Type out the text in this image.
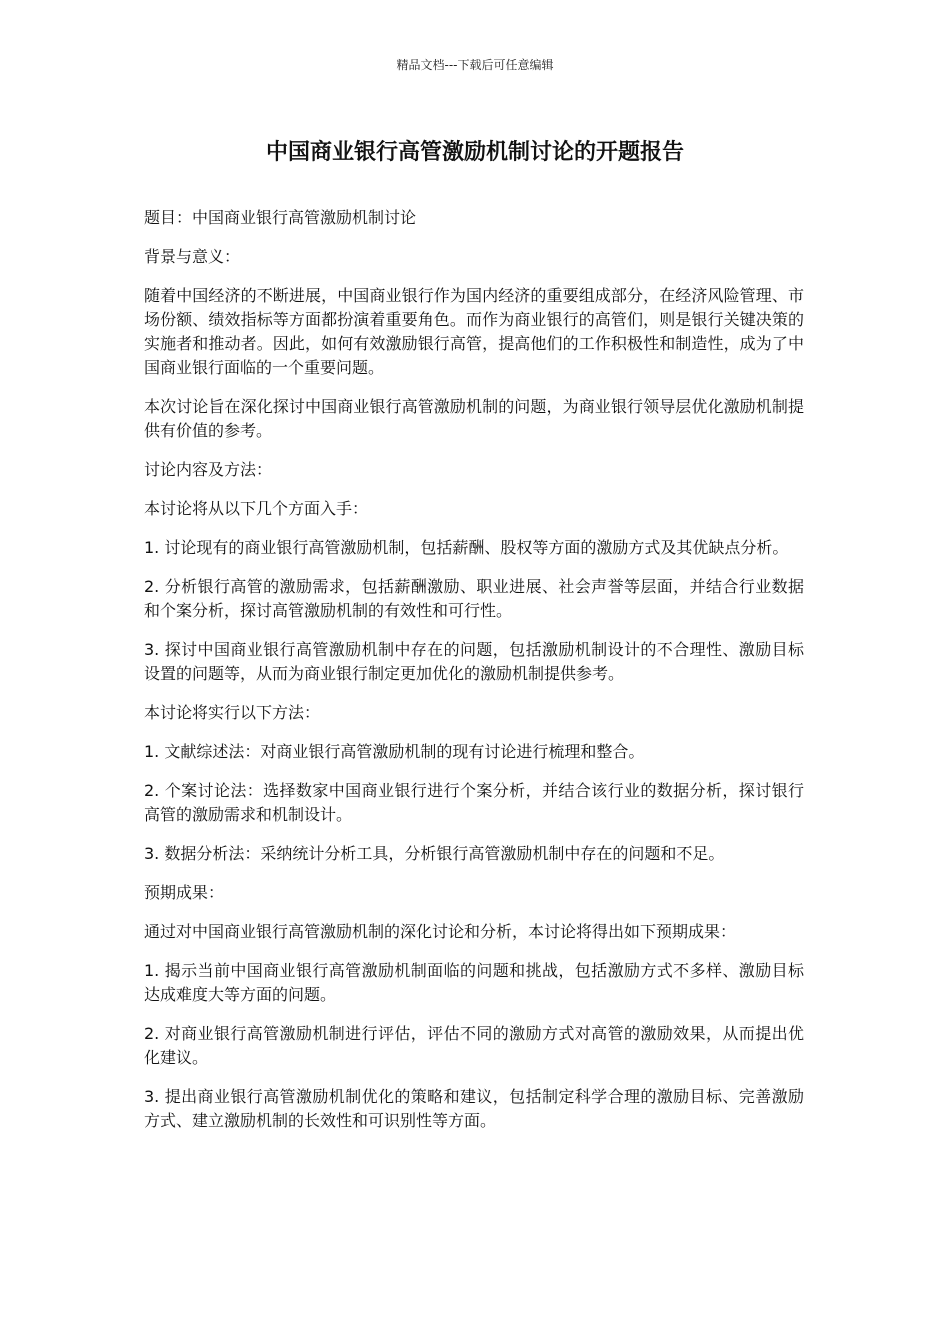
精品文档---下载后可任意编辑
中国商业银行高管激励机制讨论的开题报告

题目：中国商业银行高管激励机制讨论

背景与意义：

随着中国经济的不断进展，中国商业银行作为国内经济的重要组成部分，在经济风险管理、市场份额、绩效指标等方面都扮演着重要角色。而作为商业银行的高管们，则是银行关键决策的实施者和推动者。因此，如何有效激励银行高管，提高他们的工作积极性和制造性，成为了中国商业银行面临的一个重要问题。

本次讨论旨在深化探讨中国商业银行高管激励机制的问题，为商业银行领导层优化激励机制提供有价值的参考。

讨论内容及方法：

本讨论将从以下几个方面入手：

1. 讨论现有的商业银行高管激励机制，包括薪酬、股权等方面的激励方式及其优缺点分析。

2. 分析银行高管的激励需求，包括薪酬激励、职业进展、社会声誉等层面，并结合行业数据和个案分析，探讨高管激励机制的有效性和可行性。

3. 探讨中国商业银行高管激励机制中存在的问题，包括激励机制设计的不合理性、激励目标设置的问题等，从而为商业银行制定更加优化的激励机制提供参考。

本讨论将实行以下方法：

1. 文献综述法：对商业银行高管激励机制的现有讨论进行梳理和整合。

2. 个案讨论法：选择数家中国商业银行进行个案分析，并结合该行业的数据分析，探讨银行高管的激励需求和机制设计。

3. 数据分析法：采纳统计分析工具，分析银行高管激励机制中存在的问题和不足。

预期成果：

通过对中国商业银行高管激励机制的深化讨论和分析，本讨论将得出如下预期成果：

1. 揭示当前中国商业银行高管激励机制面临的问题和挑战，包括激励方式不多样、激励目标达成难度大等方面的问题。

2. 对商业银行高管激励机制进行评估，评估不同的激励方式对高管的激励效果，从而提出优化建议。

3. 提出商业银行高管激励机制优化的策略和建议，包括制定科学合理的激励目标、完善激励方式、建立激励机制的长效性和可识别性等方面。
